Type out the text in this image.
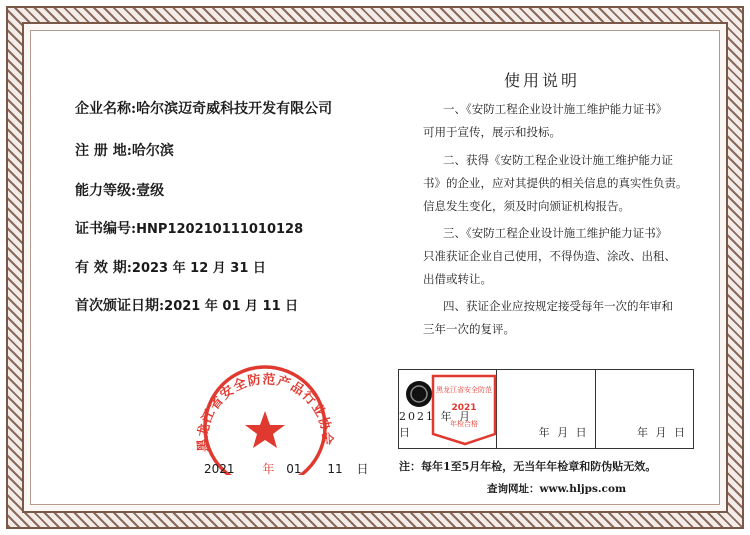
企业名称:哈尔滨迈奇威科技开发有限公司
注 册 地:哈尔滨
能力等级:壹级
证书编号:HNP120210111010128
有 效 期:2023 年 12 月 31 日
首次颁证日期:2021 年 01 月 11 日
使用说明

一、《安防工程企业设计施工维护能力证书》

可用于宣传，展示和投标。

二、获得《安防工程企业设计施工维护能力证

书》的企业，应对其提供的相关信息的真实性负责。

信息发生变化，须及时向颁证机构报告。

三、《安防工程企业设计施工维护能力证书》

只准获证企业自己使用，不得伪造、涂改、出租、

出借或转让。

四、获证企业应按规定接受每年一次的年审和

三年一次的复评。

2021 年 月 日	年 月 日	年 月 日
黑龙江省安全防范
2021
年检合格
注：每年1至5月年检，无当年年检章和防伪贴无效。
查询网址：www.hljps.com
黑龙江省安全防范产品行业协会
2021 年 01 11 日
